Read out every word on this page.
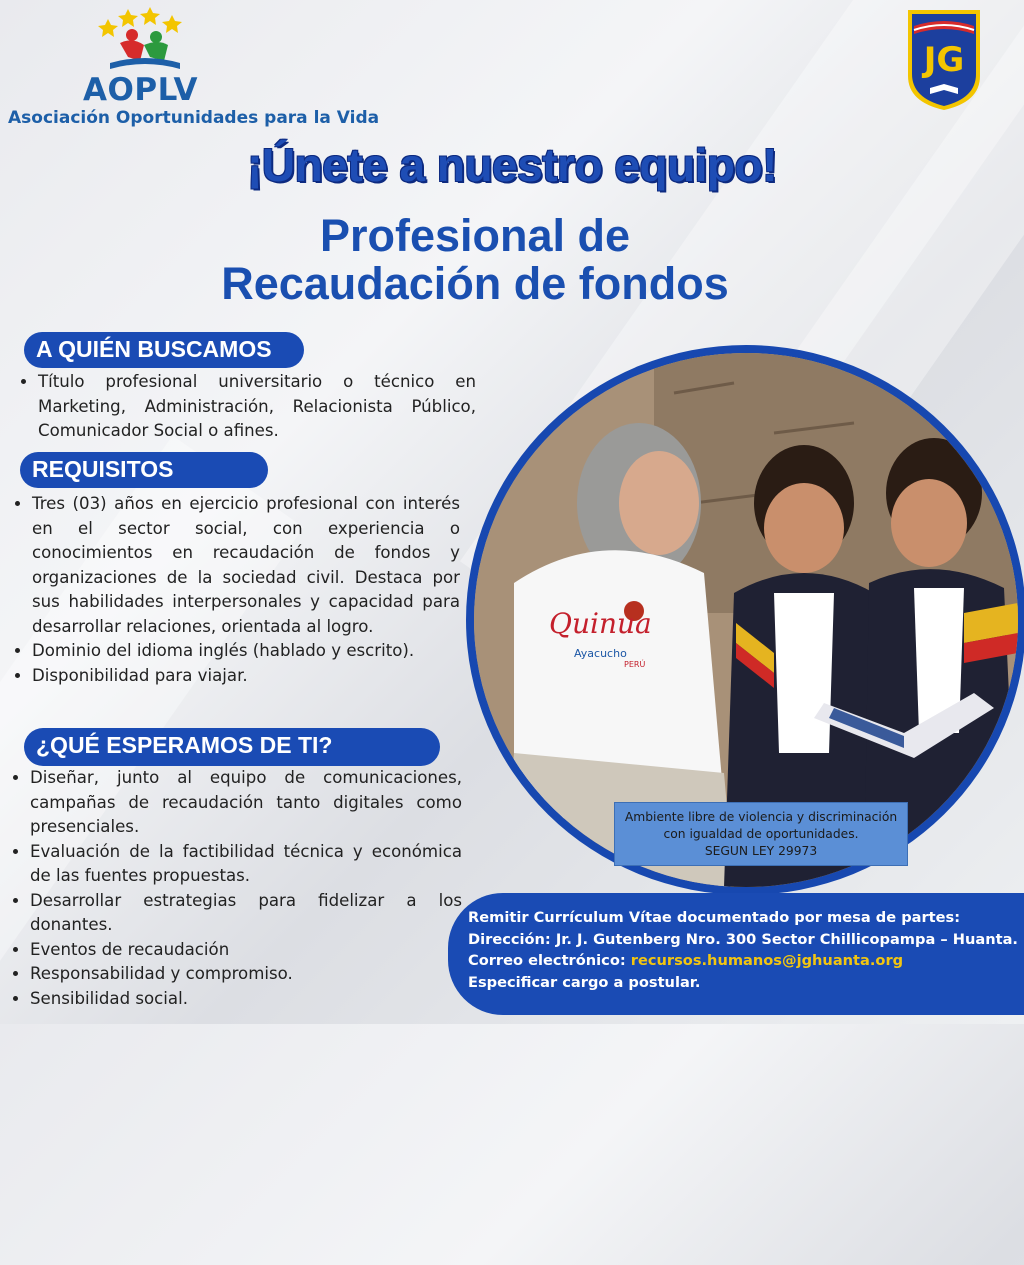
AOPLV
Asociación Oportunidades para la Vida
JG
¡Únete a nuestro equipo!
Profesional de
Recaudación de fondos
A QUIÉN BUSCAMOS
• Título profesional universitario o técnico en Marketing, Administración, Relacionista Público, Comunicador Social o afines.
REQUISITOS
• Tres (03) años en ejercicio profesional con interés en el sector social, con experiencia o conocimientos en recaudación de fondos y organizaciones de la sociedad civil. Destaca por sus habilidades interpersonales y capacidad para desarrollar relaciones, orientada al logro.
• Dominio del idioma inglés (hablado y escrito).
• Disponibilidad para viajar.
¿QUÉ ESPERAMOS DE TI?
• Diseñar, junto al equipo de comunicaciones, campañas de recaudación tanto digitales como presenciales.
• Evaluación de la factibilidad técnica y económica de las fuentes propuestas.
• Desarrollar estrategias para fidelizar a los donantes.
• Eventos de recaudación
• Responsabilidad y compromiso.
• Sensibilidad social.
Quinua
Ayacucho
PERÚ
Ambiente libre de violencia y discriminación
con igualdad de oportunidades.
SEGUN LEY 29973
Remitir Currículum Vítae documentado por mesa de partes:
Dirección: Jr. J. Gutenberg Nro. 300 Sector Chillicopampa – Huanta.
Correo electrónico: recursos.humanos@jghuanta.org
Especificar cargo a postular.
